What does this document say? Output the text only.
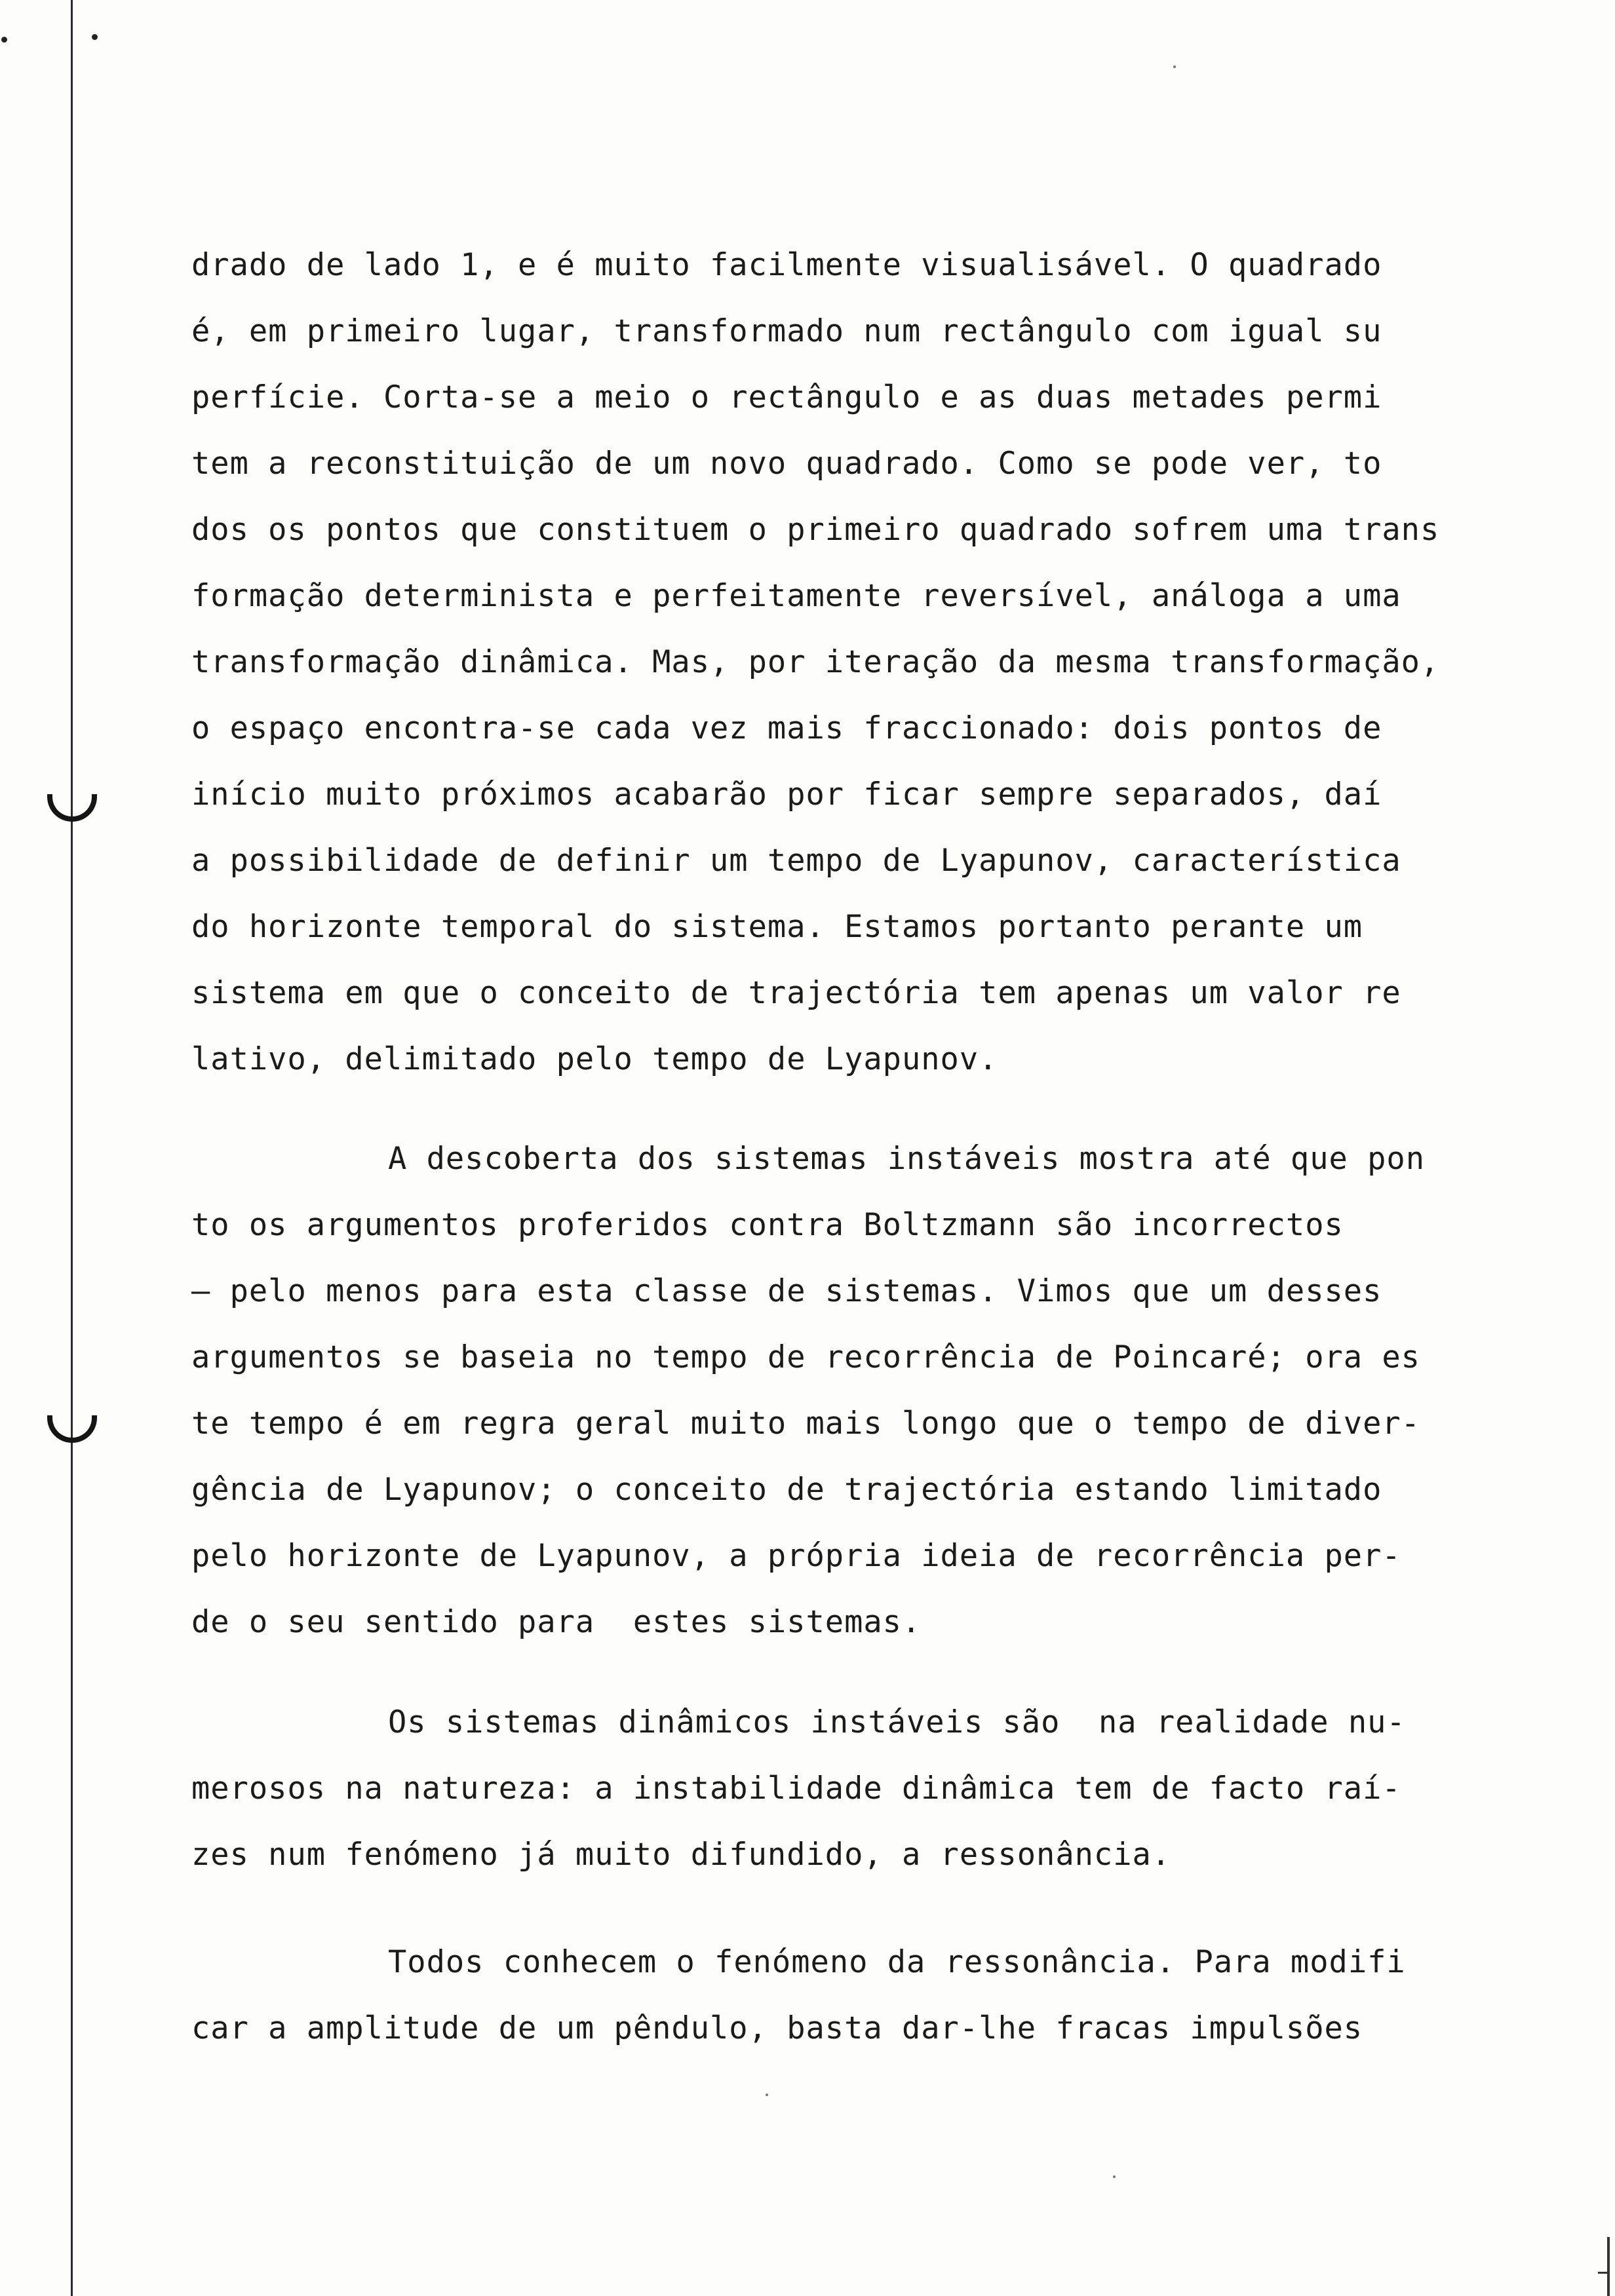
drado de lado 1, e é muito facilmente visualisável. O quadrado
é, em primeiro lugar, transformado num rectângulo com igual su
perfície. Corta-se a meio o rectângulo e as duas metades permi
tem a reconstituição de um novo quadrado. Como se pode ver, to
dos os pontos que constituem o primeiro quadrado sofrem uma trans
formação determinista e perfeitamente reversível, análoga a uma
transformação dinâmica. Mas, por iteração da mesma transformação,
o espaço encontra-se cada vez mais fraccionado: dois pontos de
início muito próximos acabarão por ficar sempre separados, daí
a possibilidade de definir um tempo de Lyapunov, característica
do horizonte temporal do sistema. Estamos portanto perante um
sistema em que o conceito de trajectória tem apenas um valor re
lativo, delimitado pelo tempo de Lyapunov.
A descoberta dos sistemas instáveis mostra até que pon
to os argumentos proferidos contra Boltzmann são incorrectos
— pelo menos para esta classe de sistemas. Vimos que um desses
argumentos se baseia no tempo de recorrência de Poincaré; ora es
te tempo é em regra geral muito mais longo que o tempo de diver-
gência de Lyapunov; o conceito de trajectória estando limitado
pelo horizonte de Lyapunov, a própria ideia de recorrência per-
de o seu sentido para  estes sistemas.
Os sistemas dinâmicos instáveis são  na realidade nu-
merosos na natureza: a instabilidade dinâmica tem de facto raí-
zes num fenómeno já muito difundido, a ressonância.
Todos conhecem o fenómeno da ressonância. Para modifi
car a amplitude de um pêndulo, basta dar-lhe fracas impulsões
